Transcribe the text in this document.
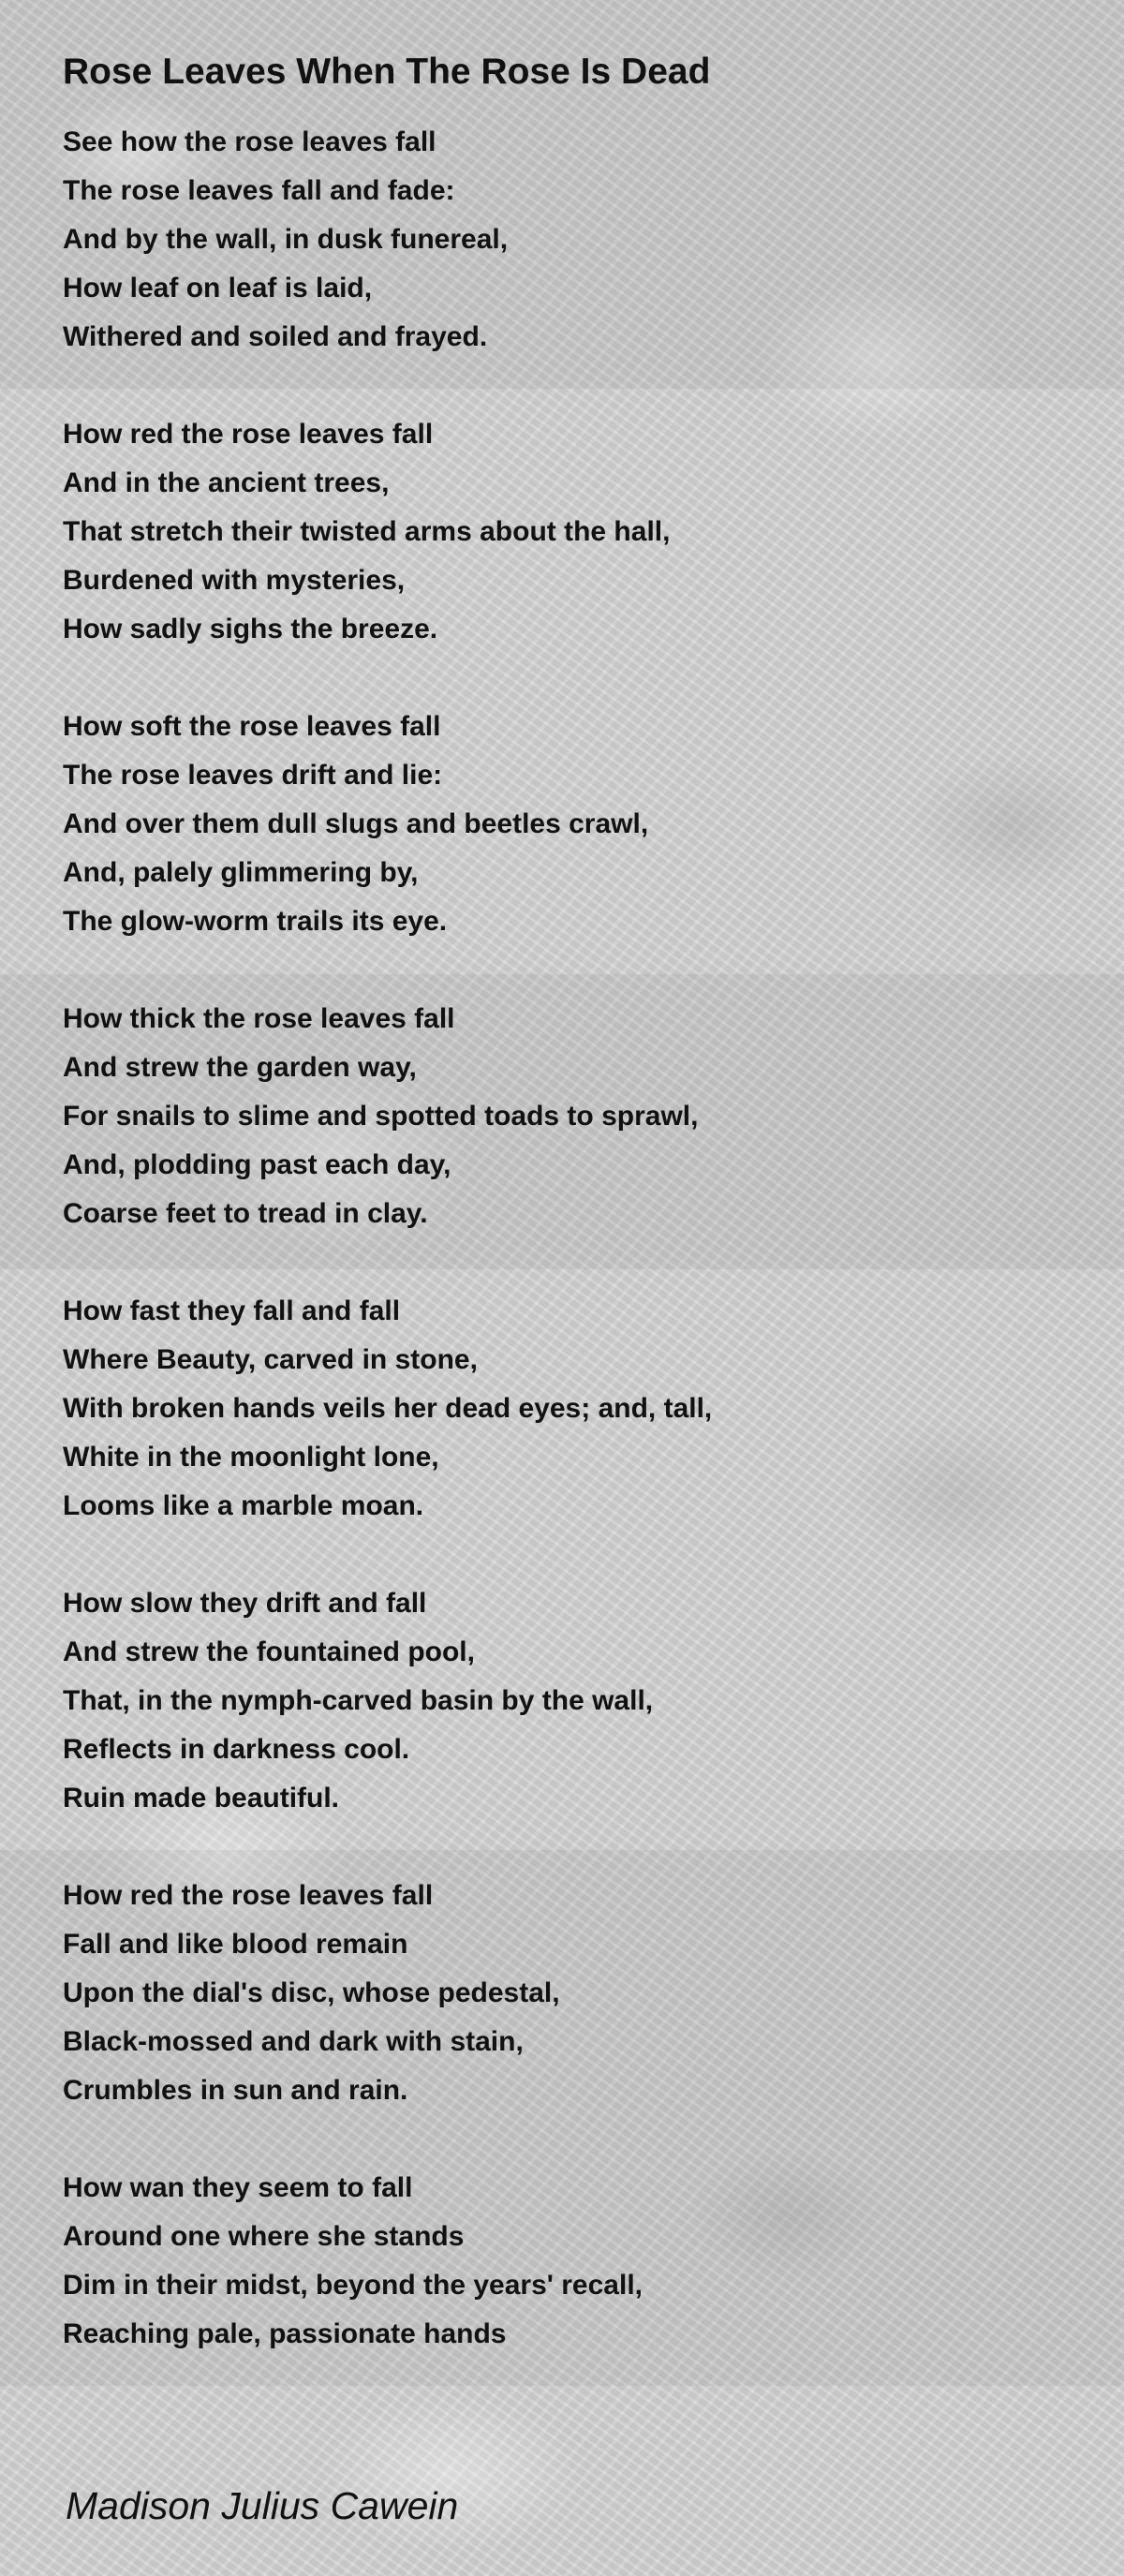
Rose Leaves When The Rose Is Dead
See how the rose leaves fall
The rose leaves fall and fade:
And by the wall, in dusk funereal,
How leaf on leaf is laid,
Withered and soiled and frayed.
How red the rose leaves fall
And in the ancient trees,
That stretch their twisted arms about the hall,
Burdened with mysteries,
How sadly sighs the breeze.
How soft the rose leaves fall
The rose leaves drift and lie:
And over them dull slugs and beetles crawl,
And, palely glimmering by,
The glow-worm trails its eye.
How thick the rose leaves fall
And strew the garden way,
For snails to slime and spotted toads to sprawl,
And, plodding past each day,
Coarse feet to tread in clay.
How fast they fall and fall
Where Beauty, carved in stone,
With broken hands veils her dead eyes; and, tall,
White in the moonlight lone,
Looms like a marble moan.
How slow they drift and fall
And strew the fountained pool,
That, in the nymph-carved basin by the wall,
Reflects in darkness cool.
Ruin made beautiful.
How red the rose leaves fall
Fall and like blood remain
Upon the dial's disc, whose pedestal,
Black-mossed and dark with stain,
Crumbles in sun and rain.
How wan they seem to fall
Around one where she stands
Dim in their midst, beyond the years' recall,
Reaching pale, passionate hands
Madison Julius Cawein
